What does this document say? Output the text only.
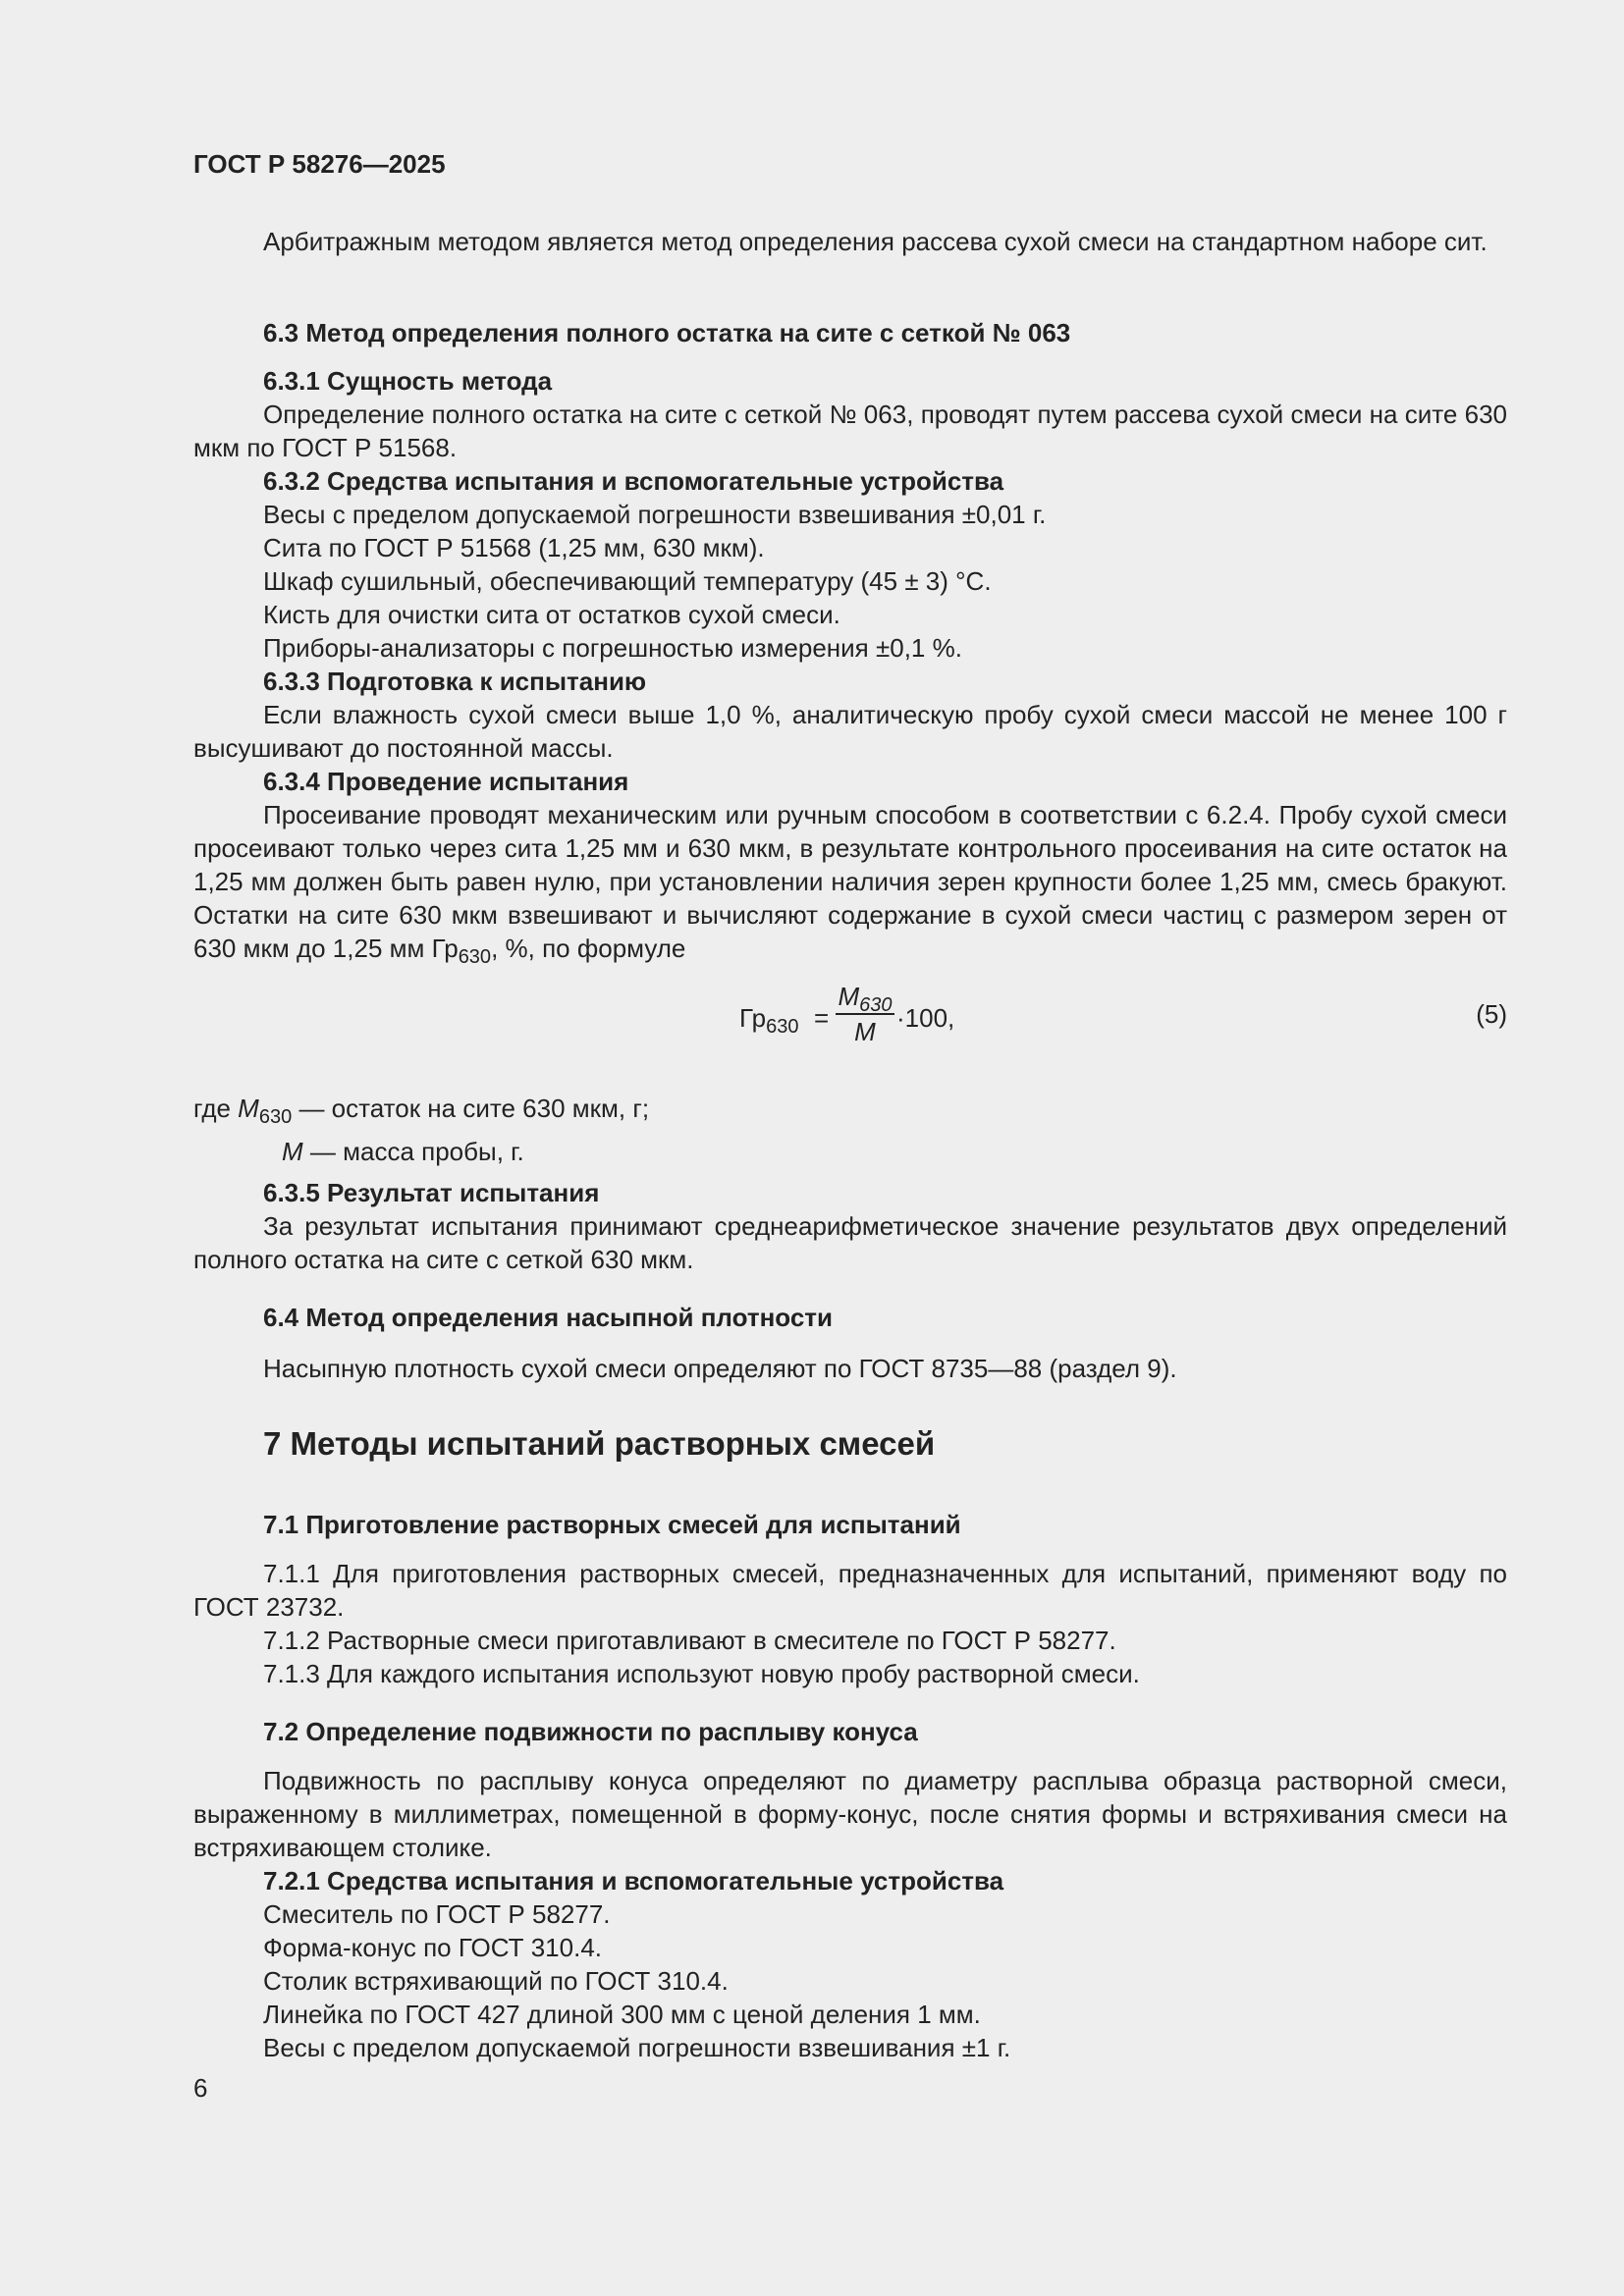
ГОСТ Р 58276—2025

Арбитражным методом является метод определения рассева сухой смеси на стандартном наборе сит.

6.3 Метод определения полного остатка на сите с сеткой № 063

6.3.1 Сущность метода

Определение полного остатка на сите с сеткой № 063, проводят путем рассева сухой смеси на сите 630 мкм по ГОСТ Р 51568.

6.3.2 Средства испытания и вспомогательные устройства

Весы с пределом допускаемой погрешности взвешивания ±0,01 г.

Сита по ГОСТ Р 51568 (1,25 мм, 630 мкм).

Шкаф сушильный, обеспечивающий температуру (45 ± 3) °С.

Кисть для очистки сита от остатков сухой смеси.

Приборы-анализаторы с погрешностью измерения ±0,1 %.

6.3.3 Подготовка к испытанию

Если влажность сухой смеси выше 1,0 %, аналитическую пробу сухой смеси массой не менее 100 г высушивают до постоянной массы.

6.3.4 Проведение испытания

Просеивание проводят механическим или ручным способом в соответствии с 6.2.4. Пробу сухой смеси просеивают только через сита 1,25 мм и 630 мкм, в результате контрольного просеивания на сите остаток на 1,25 мм должен быть равен нулю, при установлении наличия зерен крупности более 1,25 мм, смесь бракуют. Остатки на сите 630 мкм взвешивают и вычисляют содержание в сухой смеси частиц с размером зерен от 630 мкм до 1,25 мм $Гр_{630}$, %, по формуле

$Гр_{630}$ =
$M_{630}$
M ·100,	(5)

где $M_{630}$ — остаток на сите 630 мкм, г;

M — масса пробы, г.

6.3.5 Результат испытания

За результат испытания принимают среднеарифметическое значение результатов двух определений полного остатка на сите с сеткой 630 мкм.

6.4 Метод определения насыпной плотности

Насыпную плотность сухой смеси определяют по ГОСТ 8735—88 (раздел 9).

7 Методы испытаний растворных смесей

7.1 Приготовление растворных смесей для испытаний

7.1.1 Для приготовления растворных смесей, предназначенных для испытаний, применяют воду по ГОСТ 23732.

7.1.2 Растворные смеси приготавливают в смесителе по ГОСТ Р 58277.

7.1.3 Для каждого испытания используют новую пробу растворной смеси.

7.2 Определение подвижности по расплыву конуса

Подвижность по расплыву конуса определяют по диаметру расплыва образца растворной смеси, выраженному в миллиметрах, помещенной в форму-конус, после снятия формы и встряхивания смеси на встряхивающем столике.

7.2.1 Средства испытания и вспомогательные устройства

Смеситель по ГОСТ Р 58277.

Форма-конус по ГОСТ 310.4.

Столик встряхивающий по ГОСТ 310.4.

Линейка по ГОСТ 427 длиной 300 мм с ценой деления 1 мм.

Весы с пределом допускаемой погрешности взвешивания ±1 г.

6
